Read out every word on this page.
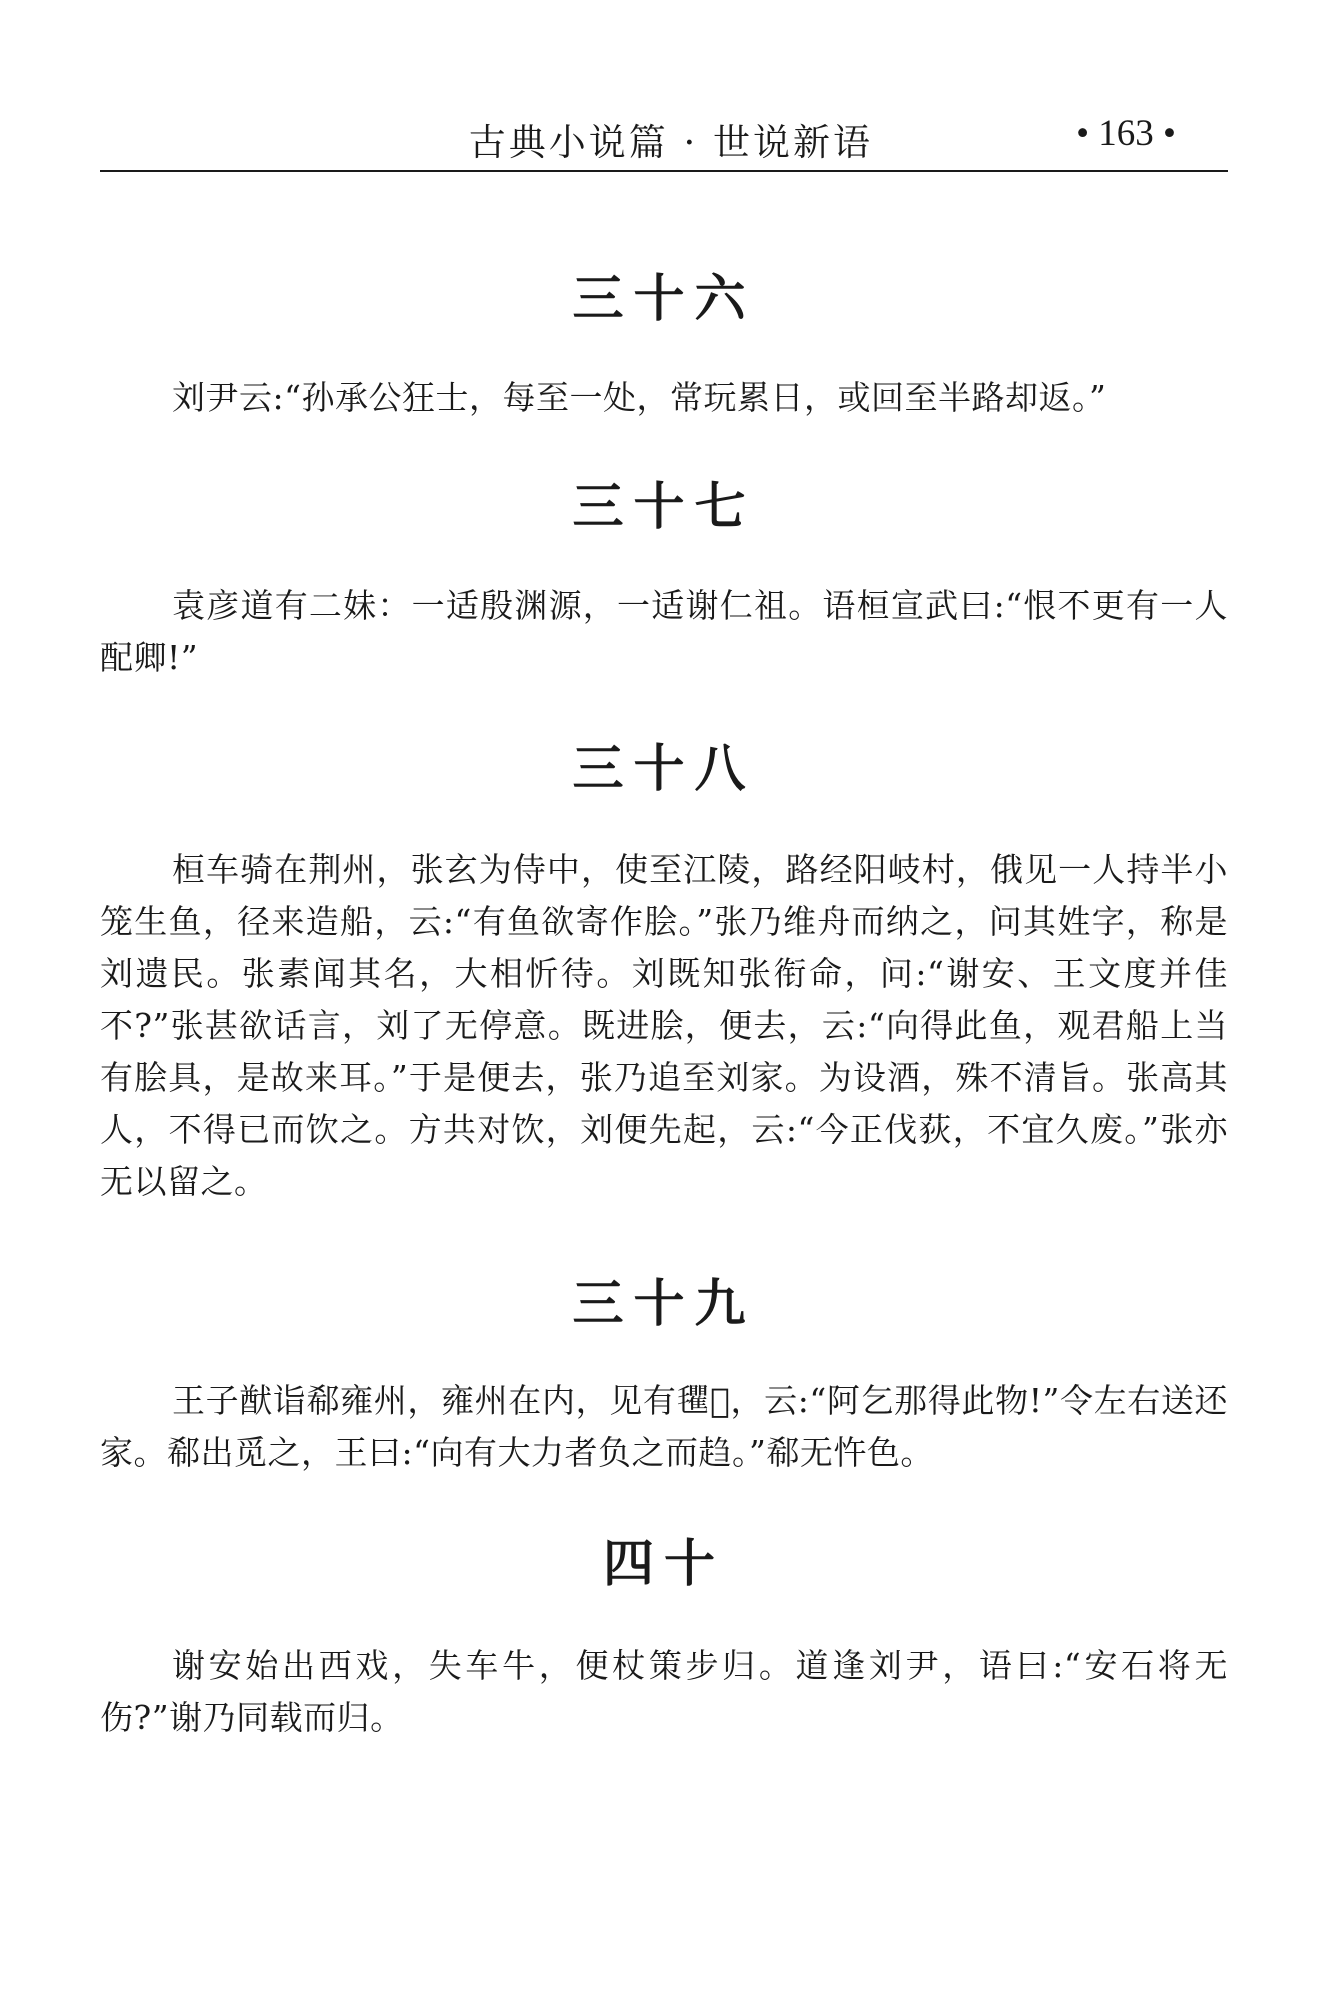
古典小说篇 · 世说新语	• 163 •
三十六

刘尹云:“孙承公狂士，每至一处，常玩累日，或回至半路却返。”

三十七

袁彦道有二妹：一适殷渊源，一适谢仁祖。语桓宣武曰:“恨不更有一人配卿!”

三十八

桓车骑在荆州，张玄为侍中，使至江陵，路经阳岐村，俄见一人持半小笼生鱼，径来造船，云:“有鱼欲寄作脍。”张乃维舟而纳之，问其姓字，称是刘遗民。张素闻其名，大相忻待。刘既知张衔命，问:“谢安、王文度并佳不?”张甚欲话言，刘了无停意。既进脍，便去，云:“向得此鱼，观君船上当有脍具，是故来耳。”于是便去，张乃追至刘家。为设酒，殊不清旨。张高其人，不得已而饮之。方共对饮，刘便先起，云:“今正伐荻，不宜久废。”张亦无以留之。

三十九

王子猷诣郗雍州，雍州在内，见有𣰽𣯶，云:“阿乞那得此物!”令左右送还家。郗出觅之，王曰:“向有大力者负之而趋。”郗无忤色。

四十

谢安始出西戏，失车牛，便杖策步归。道逢刘尹，语曰:“安石将无伤?”谢乃同载而归。
